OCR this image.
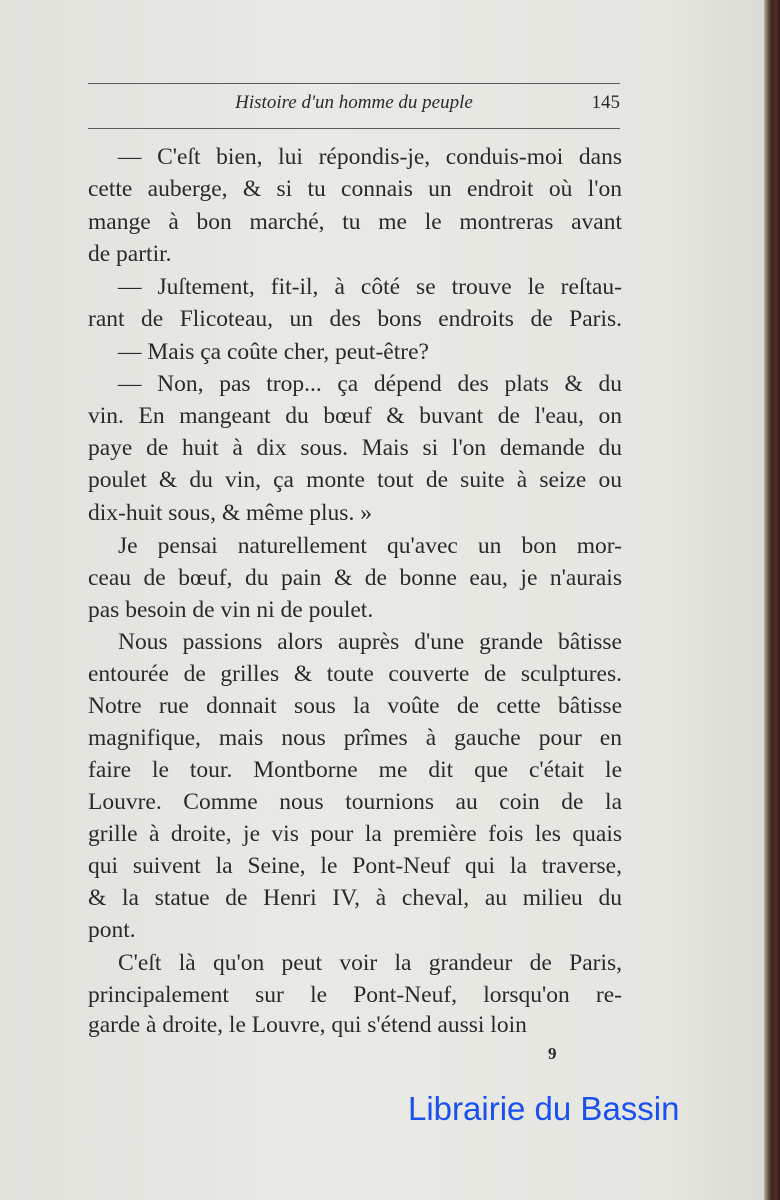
Histoire d'un homme du peuple	145
— C'eſt bien, lui répondis-je, conduis-moi dans
cette auberge, & si tu connais un endroit où l'on
mange à bon marché, tu me le montreras avant
de partir.
— Juſtement, fit-il, à côté se trouve le reſtau-
rant de Flicoteau, un des bons endroits de Paris.
— Mais ça coûte cher, peut-être?
— Non, pas trop... ça dépend des plats & du
vin. En mangeant du bœuf & buvant de l'eau, on
paye de huit à dix sous. Mais si l'on demande du
poulet & du vin, ça monte tout de suite à seize ou
dix-huit sous, & même plus. »
Je pensai naturellement qu'avec un bon mor-
ceau de bœuf, du pain & de bonne eau, je n'aurais
pas besoin de vin ni de poulet.
Nous passions alors auprès d'une grande bâtisse
entourée de grilles & toute couverte de sculptures.
Notre rue donnait sous la voûte de cette bâtisse
magnifique, mais nous prîmes à gauche pour en
faire le tour. Montborne me dit que c'était le
Louvre. Comme nous tournions au coin de la
grille à droite, je vis pour la première fois les quais
qui suivent la Seine, le Pont-Neuf qui la traverse,
& la statue de Henri IV, à cheval, au milieu du
pont.
C'eſt là qu'on peut voir la grandeur de Paris,
principalement sur le Pont-Neuf, lorsqu'on re-
garde à droite, le Louvre, qui s'étend aussi loin
9
Librairie du Bassin
